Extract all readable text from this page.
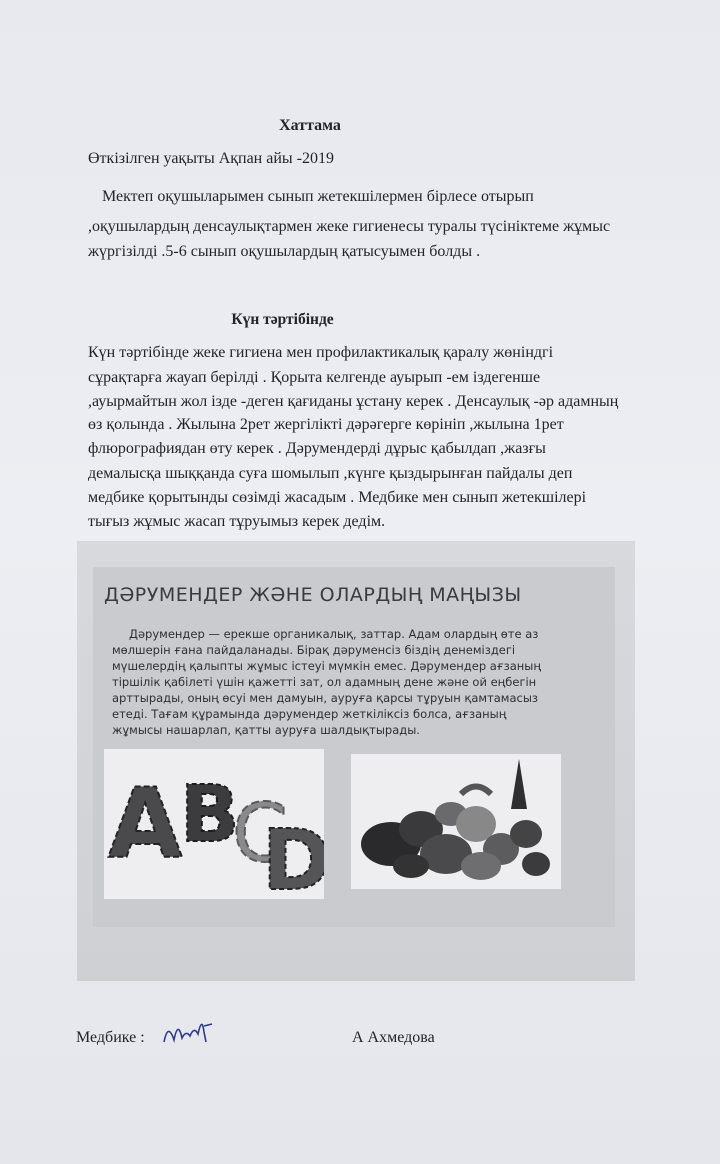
Хаттама
Өткізілген уақыты Ақпан айы -2019
Мектеп оқушыларымен сынып жетекшілермен бірлесе отырып
,оқушылардың денсаулықтармен жеке гигиенесы туралы түсініктеме жұмыс
жүргізілді .5-6 сынып оқушылардың қатысуымен болды .
Күн тәртібінде
Күн тәртібінде жеке гигиена мен профилактикалық қаралу жөніндгі
сұрақтарға жауап берілді . Қорыта келгенде ауырып -ем іздегенше
,ауырмайтын жол ізде -деген қағиданы ұстану керек . Денсаулық -әр адамның
өз қолында . Жылына 2рет жергілікті дәрәгерге көрініп ,жылына 1рет
флюрографиядан өту керек . Дәрумендерді дұрыс қабылдап ,жазғы
демалысқа шыққанда суға шомылып ,күнге қыздырынған пайдалы деп
медбике қорытынды сөзімді жасадым . Медбике мен сынып жетекшілері
тығыз жұмыс жасап тұруымыз керек дедім.
ДӘРУМЕНДЕР ЖӘНЕ ОЛАРДЫҢ МАҢЫЗЫ
Дәрумендер — ерекше органикалық, заттар. Адам олардың өте аз
мөлшерін ғана пайдаланады. Бірақ дәруменсіз біздің денеміздегі
мүшелердің қалыпты жұмыс істеуі мүмкін емес. Дәрумендер ағзаның
тіршілік қабілеті үшін қажетті зат, ол адамның дене және ой еңбегін
арттырады, оның өсуі мен дамуын, ауруға қарсы тұруын қамтамасыз
етеді. Тағам құрамында дәрумендер жеткіліксіз болса, ағзаның
жұмысы нашарлап, қатты ауруға шалдықтырады.
A
B
C
D
Медбике :	А Ахмедова
